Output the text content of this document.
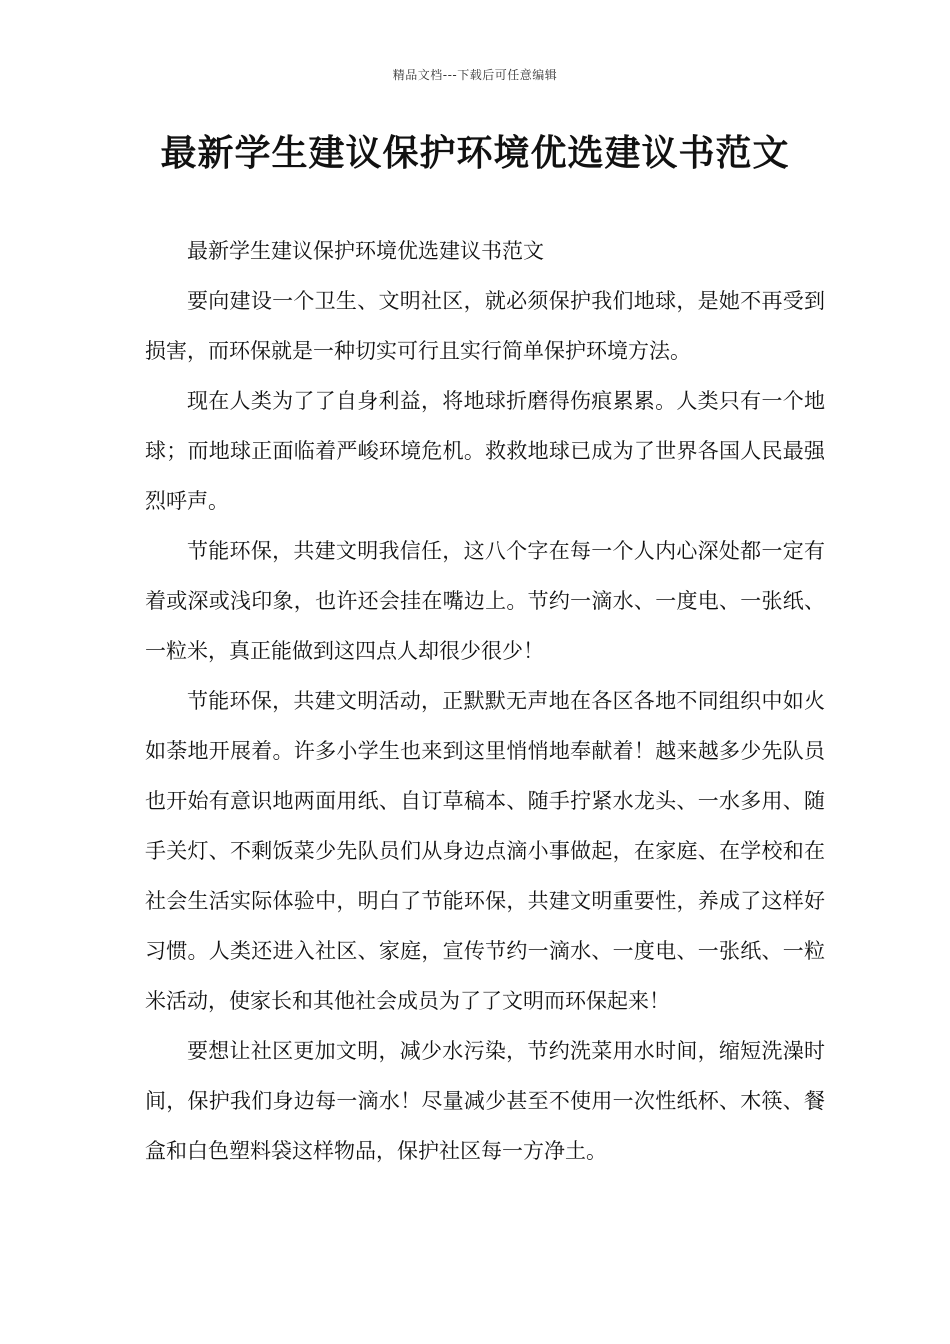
精品文档---下载后可任意编辑
最新学生建议保护环境优选建议书范文

最新学生建议保护环境优选建议书范文

要向建设一个卫生、文明社区，就必须保护我们地球，是她不再受到损害，而环保就是一种切实可行且实行简单保护环境方法。

现在人类为了了自身利益，将地球折磨得伤痕累累。人类只有一个地球；而地球正面临着严峻环境危机。救救地球已成为了世界各国人民最强烈呼声。

节能环保，共建文明我信任，这八个字在每一个人内心深处都一定有着或深或浅印象，也许还会挂在嘴边上。节约一滴水、一度电、一张纸、一粒米，真正能做到这四点人却很少很少！

节能环保，共建文明活动，正默默无声地在各区各地不同组织中如火如荼地开展着。许多小学生也来到这里悄悄地奉献着！越来越多少先队员也开始有意识地两面用纸、自订草稿本、随手拧紧水龙头、一水多用、随手关灯、不剩饭菜少先队员们从身边点滴小事做起，在家庭、在学校和在社会生活实际体验中，明白了节能环保，共建文明重要性，养成了这样好习惯。人类还进入社区、家庭，宣传节约一滴水、一度电、一张纸、一粒米活动，使家长和其他社会成员为了了文明而环保起来！

要想让社区更加文明，减少水污染，节约洗菜用水时间，缩短洗澡时间，保护我们身边每一滴水！尽量减少甚至不使用一次性纸杯、木筷、餐盒和白色塑料袋这样物品，保护社区每一方净土。
